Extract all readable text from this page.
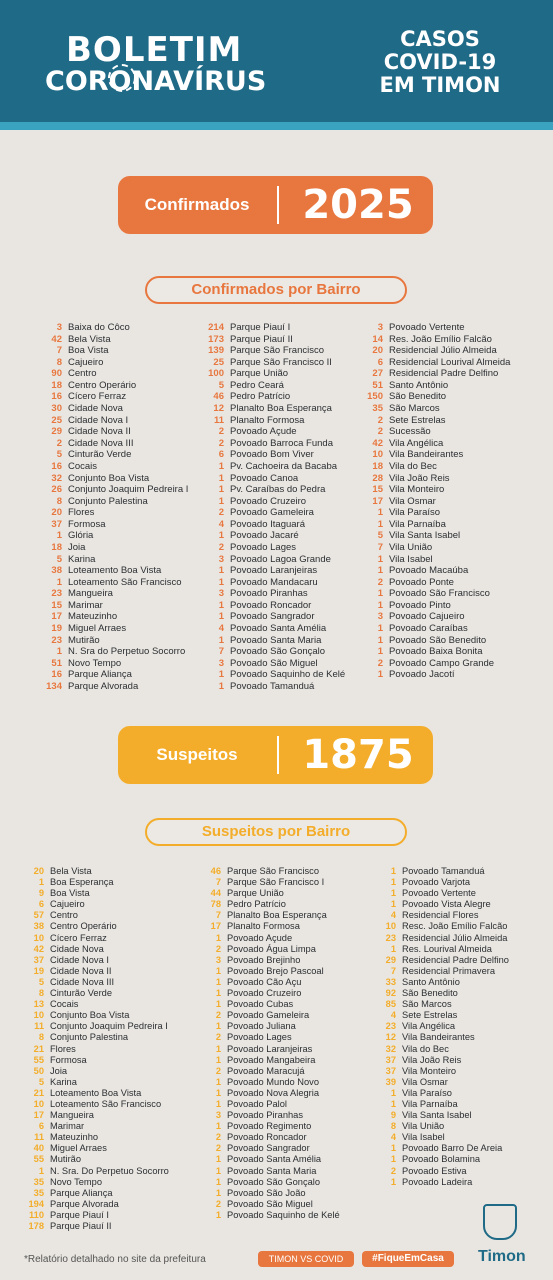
BOLETIM
CORONAVÍRUS
CASOS
COVID-19
EM TIMON
Confirmados	2025
Confirmados por Bairro
3 Baixa do Côco
42 Bela Vista
7 Boa Vista
8 Cajueiro
90 Centro
18 Centro Operário
16 Cícero Ferraz
30 Cidade Nova
25 Cidade Nova I
29 Cidade Nova II
2 Cidade Nova III
5 Cinturão Verde
16 Cocais
32 Conjunto Boa Vista
26 Conjunto Joaquim Pedreira I
8 Conjunto Palestina
20 Flores
37 Formosa
1 Glória
18 Joia
5 Karina
38 Loteamento Boa Vista
1 Loteamento São Francisco
23 Mangueira
15 Marimar
17 Mateuzinho
19 Miguel Arraes
23 Mutirão
1 N. Sra do Perpetuo Socorro
51 Novo Tempo
16 Parque Aliança
134 Parque Alvorada
214 Parque Piauí I
173 Parque Piauí II
139 Parque São Francisco
25 Parque São Francisco II
100 Parque União
5 Pedro Ceará
46 Pedro Patrício
12 Planalto Boa Esperança
11 Planalto Formosa
2 Povoado Açude
2 Povoado Barroca Funda
6 Povoado Bom Viver
1 Pv. Cachoeira da Bacaba
1 Povoado Canoa
1 Pv. Caraíbas do Pedra
1 Povoado Cruzeiro
2 Povoado Gameleira
4 Povoado Itaguará
1 Povoado Jacaré
2 Povoado Lages
3 Povoado Lagoa Grande
1 Povoado Laranjeiras
1 Povoado Mandacaru
3 Povoado Piranhas
1 Povoado Roncador
1 Povoado Sangrador
4 Povoado Santa Amélia
1 Povoado Santa Maria
7 Povoado São Gonçalo
3 Povoado São Miguel
1 Povoado Saquinho de Kelé
1 Povoado Tamanduá
3 Povoado Vertente
14 Res. João Emílio Falcão
20 Residencial Júlio Almeida
6 Residencial Lourival Almeida
27 Residencial Padre Delfino
51 Santo Antônio
150 São Benedito
35 São Marcos
2 Sete Estrelas
2 Sucessão
42 Vila Angélica
10 Vila Bandeirantes
18 Vila do Bec
28 Vila João Reis
15 Vila Monteiro
17 Vila Osmar
1 Vila Paraíso
1 Vila Parnaíba
5 Vila Santa Isabel
7 Vila União
1 Vila Isabel
1 Povoado Macaúba
2 Povoado Ponte
1 Povoado São Francisco
1 Povoado Pinto
3 Povoado Cajueiro
1 Povoado Caraíbas
1 Povoado São Benedito
1 Povoado Baixa Bonita
2 Povoado Campo Grande
1 Povoado Jacotí
Suspeitos	1875
Suspeitos por Bairro
20 Bela Vista
1 Boa Esperança
9 Boa Vista
6 Cajueiro
57 Centro
38 Centro Operário
10 Cícero Ferraz
42 Cidade Nova
37 Cidade Nova I
19 Cidade Nova II
5 Cidade Nova III
8 Cinturão Verde
13 Cocais
10 Conjunto Boa Vista
11 Conjunto Joaquim Pedreira I
8 Conjunto Palestina
21 Flores
55 Formosa
50 Joia
5 Karina
21 Loteamento Boa Vista
10 Loteamento São Francisco
17 Mangueira
6 Marimar
11 Mateuzinho
40 Miguel Arraes
55 Mutirão
1 N. Sra. Do Perpetuo Socorro
35 Novo Tempo
35 Parque Aliança
194 Parque Alvorada
110 Parque Piauí I
178 Parque Piauí II
46 Parque São Francisco
7 Parque São Francisco I
44 Parque União
78 Pedro Patrício
7 Planalto Boa Esperança
17 Planalto Formosa
1 Povoado Açude
2 Povoado Água Limpa
3 Povoado Brejinho
1 Povoado Brejo Pascoal
1 Povoado Cão Açu
1 Povoado Cruzeiro
1 Povoado Cubas
2 Povoado Gameleira
1 Povoado Juliana
2 Povoado Lages
1 Povoado Laranjeiras
1 Povoado Mangabeira
2 Povoado Maracujá
1 Povoado Mundo Novo
1 Povoado Nova Alegria
1 Povoado Palol
3 Povoado Piranhas
1 Povoado Regimento
2 Povoado Roncador
2 Povoado Sangrador
1 Povoado Santa Amélia
1 Povoado Santa Maria
1 Povoado São Gonçalo
1 Povoado São João
2 Povoado São Miguel
1 Povoado Saquinho de Kelé
1 Povoado Tamanduá
1 Povoado Varjota
1 Povoado Vertente
1 Povoado Vista Alegre
4 Residencial Flores
10 Resc. João Emílio Falcão
23 Residencial Júlio Almeida
1 Res. Lourival Almeida
29 Residencial Padre Delfino
7 Residencial Primavera
33 Santo Antônio
92 São Benedito
85 São Marcos
4 Sete Estrelas
23 Vila Angélica
12 Vila Bandeirantes
32 Vila do Bec
37 Vila João Reis
37 Vila Monteiro
39 Vila Osmar
1 Vila Paraíso
1 Vila Parnaíba
9 Vila Santa Isabel
8 Vila União
4 Vila Isabel
1 Povoado Barro De Areia
1 Povoado Bolamina
2 Povoado Estiva
1 Povoado Ladeira
*Relatório detalhado no site da prefeitura	TIMON VS COVID	#FiqueEmCasa	Timon
